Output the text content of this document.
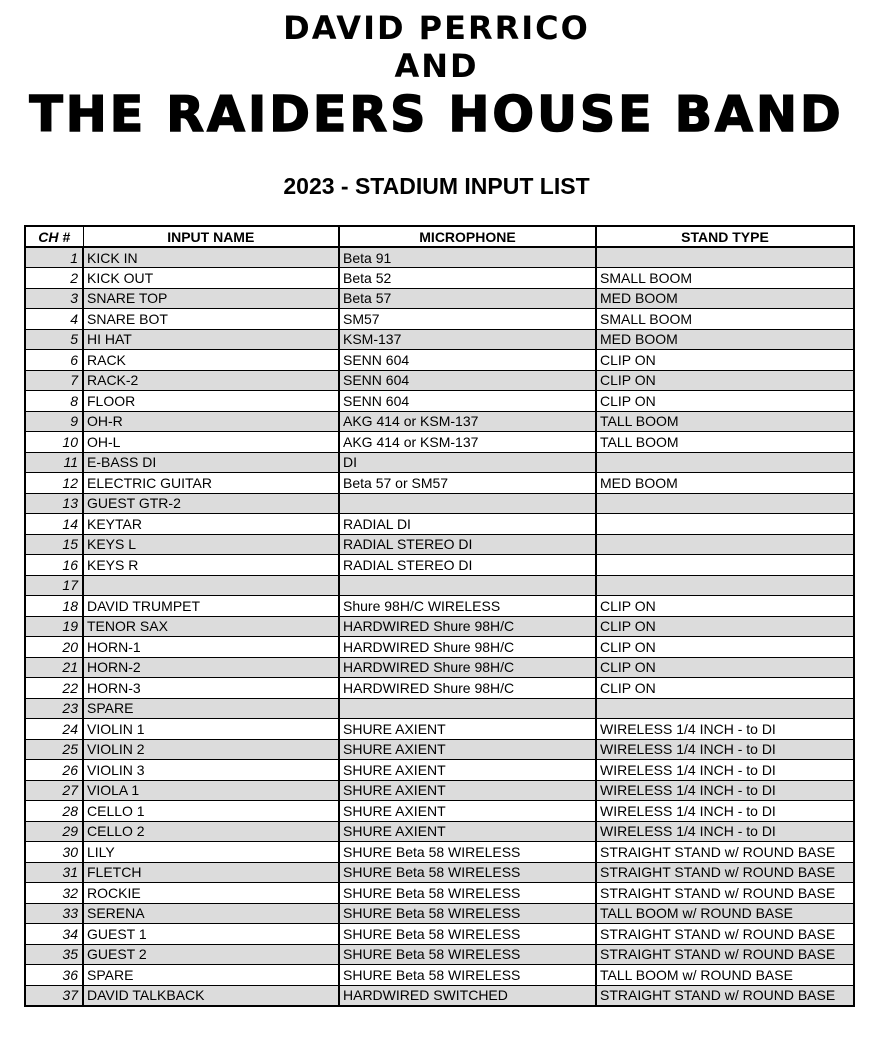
DAVID PERRICO
AND
THE RAIDERS HOUSE BAND
2023 - STADIUM INPUT LIST
CH #	INPUT NAME	MICROPHONE	STAND TYPE
1	KICK IN	Beta 91	
2	KICK OUT	Beta 52	SMALL BOOM
3	SNARE TOP	Beta 57	MED BOOM
4	SNARE BOT	SM57	SMALL BOOM
5	HI HAT	KSM-137	MED BOOM
6	RACK	SENN 604	CLIP ON
7	RACK-2	SENN 604	CLIP ON
8	FLOOR	SENN 604	CLIP ON
9	OH-R	AKG 414 or KSM-137	TALL BOOM
10	OH-L	AKG 414 or KSM-137	TALL BOOM
11	E-BASS DI	DI	
12	ELECTRIC GUITAR	Beta 57 or SM57	MED BOOM
13	GUEST GTR-2		
14	KEYTAR	RADIAL DI	
15	KEYS L	RADIAL STEREO DI	
16	KEYS R	RADIAL STEREO DI	
17			
18	DAVID TRUMPET	Shure 98H/C WIRELESS	CLIP ON
19	TENOR SAX	HARDWIRED Shure 98H/C	CLIP ON
20	HORN-1	HARDWIRED Shure 98H/C	CLIP ON
21	HORN-2	HARDWIRED Shure 98H/C	CLIP ON
22	HORN-3	HARDWIRED Shure 98H/C	CLIP ON
23	SPARE		
24	VIOLIN 1	SHURE AXIENT	WIRELESS 1/4 INCH - to DI
25	VIOLIN 2	SHURE AXIENT	WIRELESS 1/4 INCH - to DI
26	VIOLIN 3	SHURE AXIENT	WIRELESS 1/4 INCH - to DI
27	VIOLA 1	SHURE AXIENT	WIRELESS 1/4 INCH - to DI
28	CELLO 1	SHURE AXIENT	WIRELESS 1/4 INCH - to DI
29	CELLO 2	SHURE AXIENT	WIRELESS 1/4 INCH - to DI
30	LILY	SHURE Beta 58 WIRELESS	STRAIGHT STAND w/ ROUND BASE
31	FLETCH	SHURE Beta 58 WIRELESS	STRAIGHT STAND w/ ROUND BASE
32	ROCKIE	SHURE Beta 58 WIRELESS	STRAIGHT STAND w/ ROUND BASE
33	SERENA	SHURE Beta 58 WIRELESS	TALL BOOM w/ ROUND BASE
34	GUEST 1	SHURE Beta 58 WIRELESS	STRAIGHT STAND w/ ROUND BASE
35	GUEST 2	SHURE Beta 58 WIRELESS	STRAIGHT STAND w/ ROUND BASE
36	SPARE	SHURE Beta 58 WIRELESS	TALL BOOM w/ ROUND BASE
37	DAVID TALKBACK	HARDWIRED SWITCHED	STRAIGHT STAND w/ ROUND BASE
